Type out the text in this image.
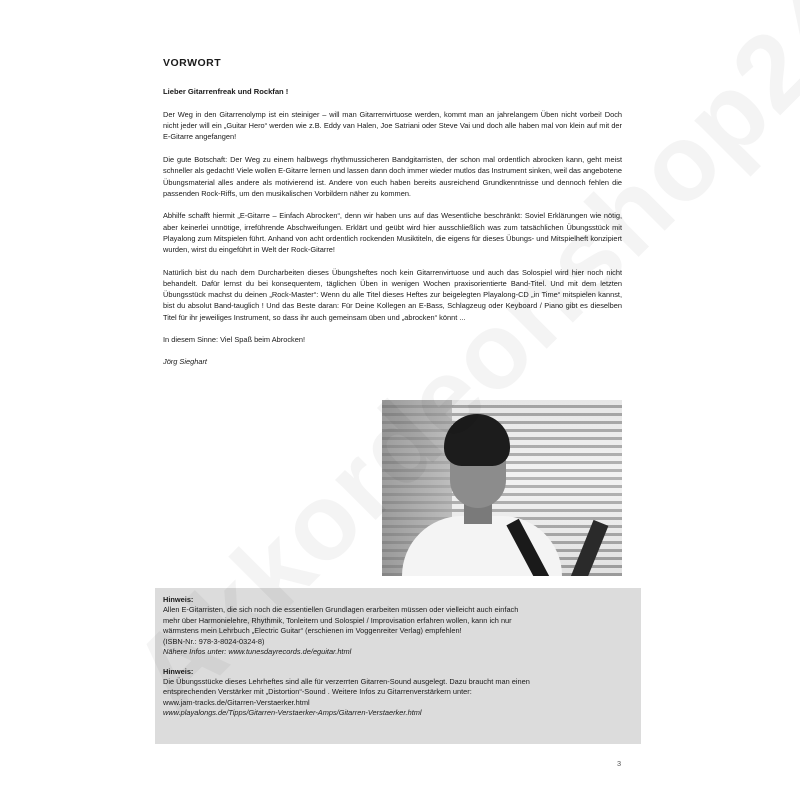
VORWORT

Lieber Gitarrenfreak und Rockfan !

Der Weg in den Gitarrenolymp ist ein steiniger – will man Gitarrenvirtuose werden, kommt man an jahrelangem Üben nicht vorbei! Doch nicht jeder will ein „Guitar Hero“ werden wie z.B. Eddy van Halen, Joe Satriani oder Steve Vai und doch alle haben mal von klein auf mit der E-Gitarre angefangen!

Die gute Botschaft: Der Weg zu einem halbwegs rhythmussicheren Bandgitarristen, der schon mal ordentlich abrocken kann, geht meist schneller als gedacht! Viele wollen E-Gitarre lernen und lassen dann doch immer wieder mutlos das Instrument sinken, weil das angebotene Übungsmaterial alles andere als motivierend ist. Andere von euch haben bereits ausreichend Grundkenntnisse und dennoch fehlen die passenden Rock-Riffs, um den musikalischen Vorbildern näher zu kommen.

Abhilfe schafft hiermit „E-Gitarre – Einfach Abrocken“, denn wir haben uns auf das Wesentliche beschränkt: Soviel Erklärungen wie nötig, aber keinerlei unnötige, irreführende Abschweifungen. Erklärt und geübt wird hier ausschließlich was zum tatsächlichen Übungsstück mit Playalong zum Mitspielen führt. Anhand von acht ordentlich rockenden Musiktiteln, die eigens für dieses Übungs- und Mitspielheft konzipiert wurden, wirst du eingeführt in Welt der Rock-Gitarre!

Natürlich bist du nach dem Durcharbeiten dieses Übungsheftes noch kein Gitarrenvirtuose und auch das Solospiel wird hier noch nicht behandelt. Dafür lernst du bei konsequentem, täglichen Üben in wenigen Wochen praxisorientierte Band-Titel. Und mit dem letzten Übungsstück machst du deinen „Rock-Master“: Wenn du alle Titel dieses Heftes zur beigelegten Playalong-CD „in Time“ mitspielen kannst, bist du absolut Band-tauglich ! Und das Beste daran: Für Deine Kollegen an E-Bass, Schlagzeug oder Keyboard / Piano gibt es dieselben Titel für ihr jeweiliges Instrument, so dass ihr auch gemeinsam üben und „abrocken“ könnt ...

In diesem Sinne: Viel Spaß beim Abrocken!

Jörg Sieghart

Hinweis:

Allen E-Gitarristen, die sich noch die essentiellen Grundlagen erarbeiten müssen oder vielleicht auch einfach

mehr über Harmonielehre, Rhythmik, Tonleitern und Solospiel / Improvisation erfahren wollen, kann ich nur

wärmstens mein Lehrbuch „Electric Guitar“ (erschienen im Voggenreiter Verlag) empfehlen!

(ISBN-Nr.: 978-3-8024-0324-8)

Nähere Infos unter: www.tunesdayrecords.de/eguitar.html

Hinweis:

Die Übungsstücke dieses Lehrheftes sind alle für verzerrten Gitarren-Sound ausgelegt. Dazu braucht man einen

entsprechenden Verstärker mit „Distortion“-Sound . Weitere Infos zu Gitarrenverstärkern unter:

www.jam-tracks.de/Gitarren-Verstaerker.html

www.playalongs.de/Tipps/Gitarren-Verstaerker-Amps/Gitarren-Verstaerker.html

3
